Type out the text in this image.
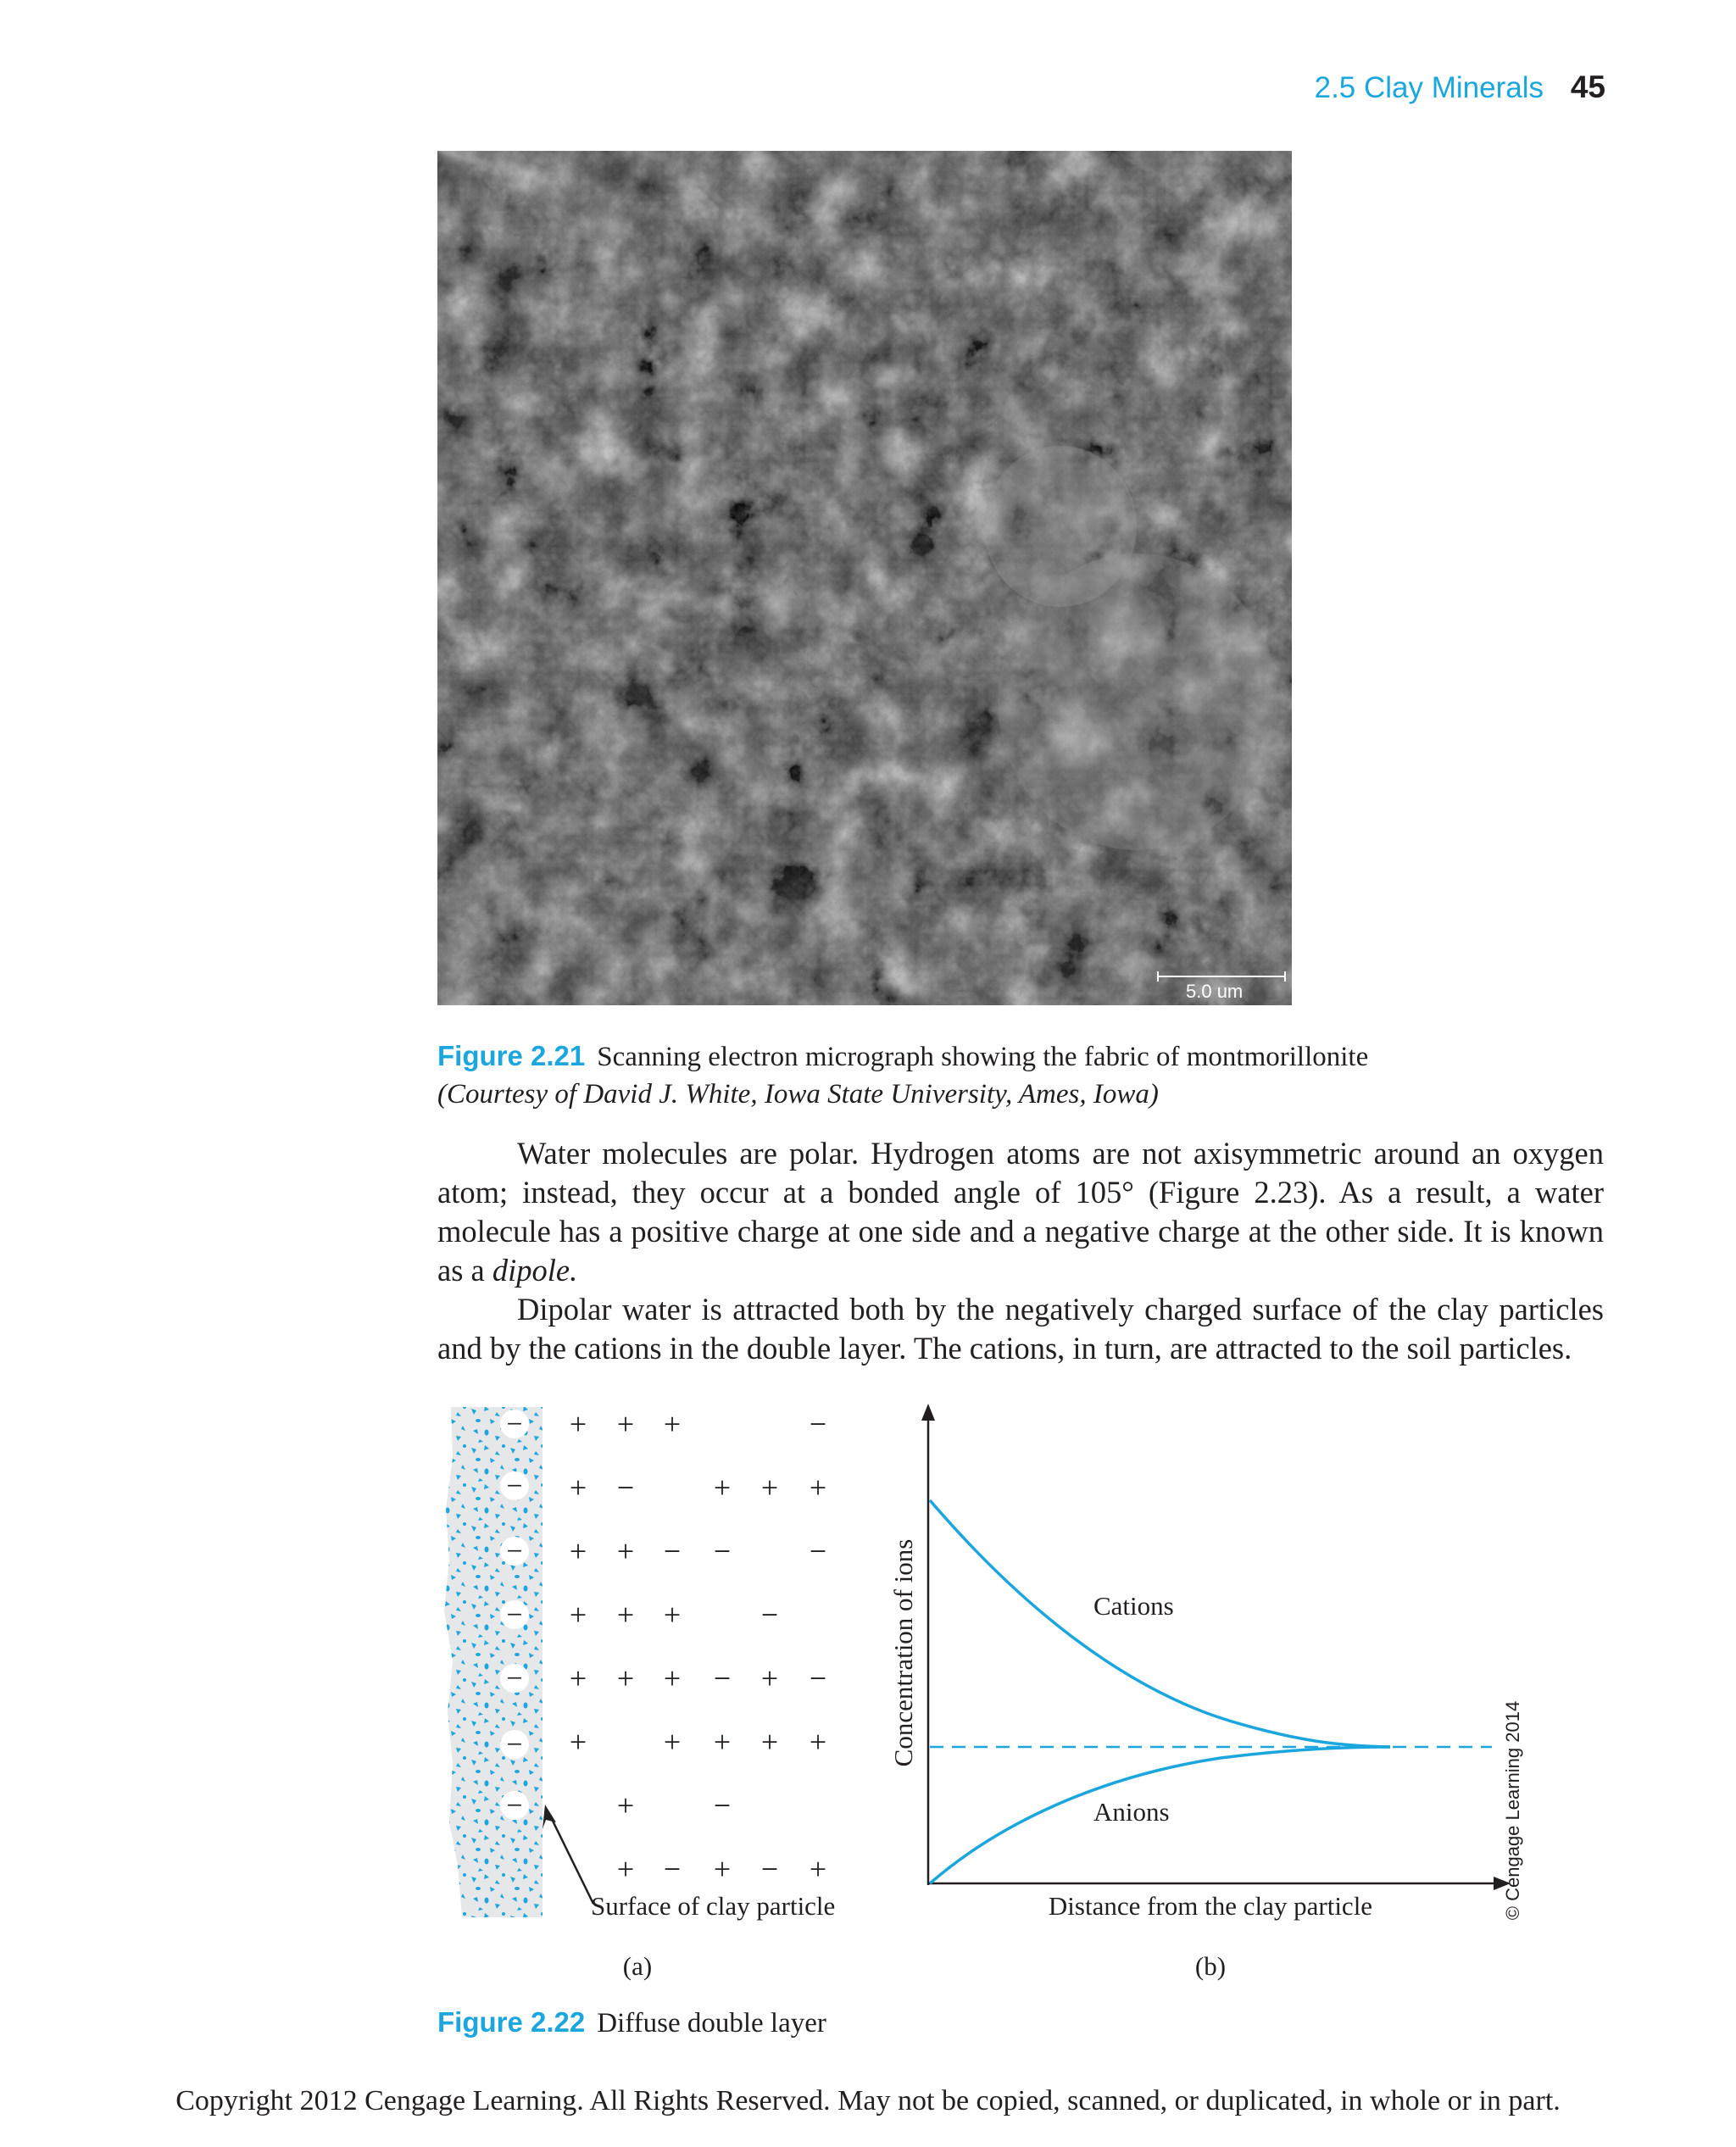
2.5 Clay Minerals 45
5.0 um
Figure 2.21 Scanning electron micrograph showing the fabric of montmorillonite
(Courtesy of David J. White, Iowa State University, Ames, Iowa)

Water molecules are polar. Hydrogen atoms are not axisymmetric around an oxygen atom; instead, they occur at a bonded angle of 105° (Figure 2.23). As a result, a water molecule has a positive charge at one side and a negative charge at the other side. It is known as a dipole.

Dipolar water is attracted both by the negatively charged surface of the clay particles and by the cations in the double layer. The cations, in turn, are attracted to the soil particles.

−
−
−
−
−
−
−
+ + +	−
+ −	+ + +
+ + − −	−
+ + +	−
+ + + − + −
+	+ + + +
+	−
+ − + − +
Surface of clay particle
(a)
Cations
Anions
Distance from the clay particle
Concentration of ions
(b)
© Cengage Learning 2014
Figure 2.22 Diffuse double layer
Copyright 2012 Cengage Learning. All Rights Reserved. May not be copied, scanned, or duplicated, in whole or in part.
